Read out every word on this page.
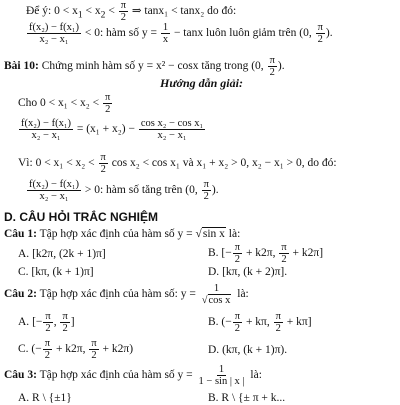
Để ý: $0 < x_1 < x_2 < \frac{\pi}{2}$ ⇒ tanx₁ < tanx₂ do đó:
$\frac{\text{f(x₂) − f(x₁)}}{\text{x₂ − x₁}} < 0$: hàm số $y = \frac{1}{x} - \tan x$ luôn luôn giảm trên (0, $\frac{\pi}{2}$ ).
Bài 10: Chứng minh hàm số y = x² − cosx tăng trong (0, $\frac{\pi}{2}$ ).
Hướng dẫn giải:
Cho $0 < x_1 < x_2 < \frac{\pi}{2}$
$\frac{\text{f(x₂) − f(x₁)}}{\text{x₂ − x₁}} = (x_1 + x_2) - \frac{\text{cos x₂ − cos x₁}}{\text{x₂ − x₁}}$
Vì: $0 < x_1 < x_2 < \frac{\pi}{2}$ cos x₂ < cos x₁ và x₁ + x₂ > 0, x₂ − x₁ > 0, do đó:
$\frac{\text{f(x₂) − f(x₁)}}{\text{x₂ − x₁}} > 0$: hàm số tăng trên (0, $\frac{\pi}{2}$ ).
D. CÂU HỎI TRẮC NGHIỆM
Câu 1: Tập hợp xác định của hàm số y = √sin x là:
A. [k2π, (2k + 1)π]	B. [− $\frac{\pi}{2} + k2\pi$, $\frac{\pi}{2} + k2\pi$]
C. [kπ, (k + 1)π]	D. [kπ, (k + 2)π].
Câu 2: Tập hợp xác định của hàm số: $y = \frac{1}{\text{√cos x}}$ là:
A. [− $\frac{\pi}{2}$ , $\frac{\pi}{2}$ ]	B. (− $\frac{\pi}{2} + k\pi$, $\frac{\pi}{2} + k\pi$]
C. (− $\frac{\pi}{2} + k2\pi$, $\frac{\pi}{2} + k2\pi$)	D. (kπ, (k + 1)π).
Câu 3: Tập hợp xác định của hàm số $y = \frac{1}{1 - \sin | x |}$ là:
A. R \ {±1}	B. R \ {± π + k...
